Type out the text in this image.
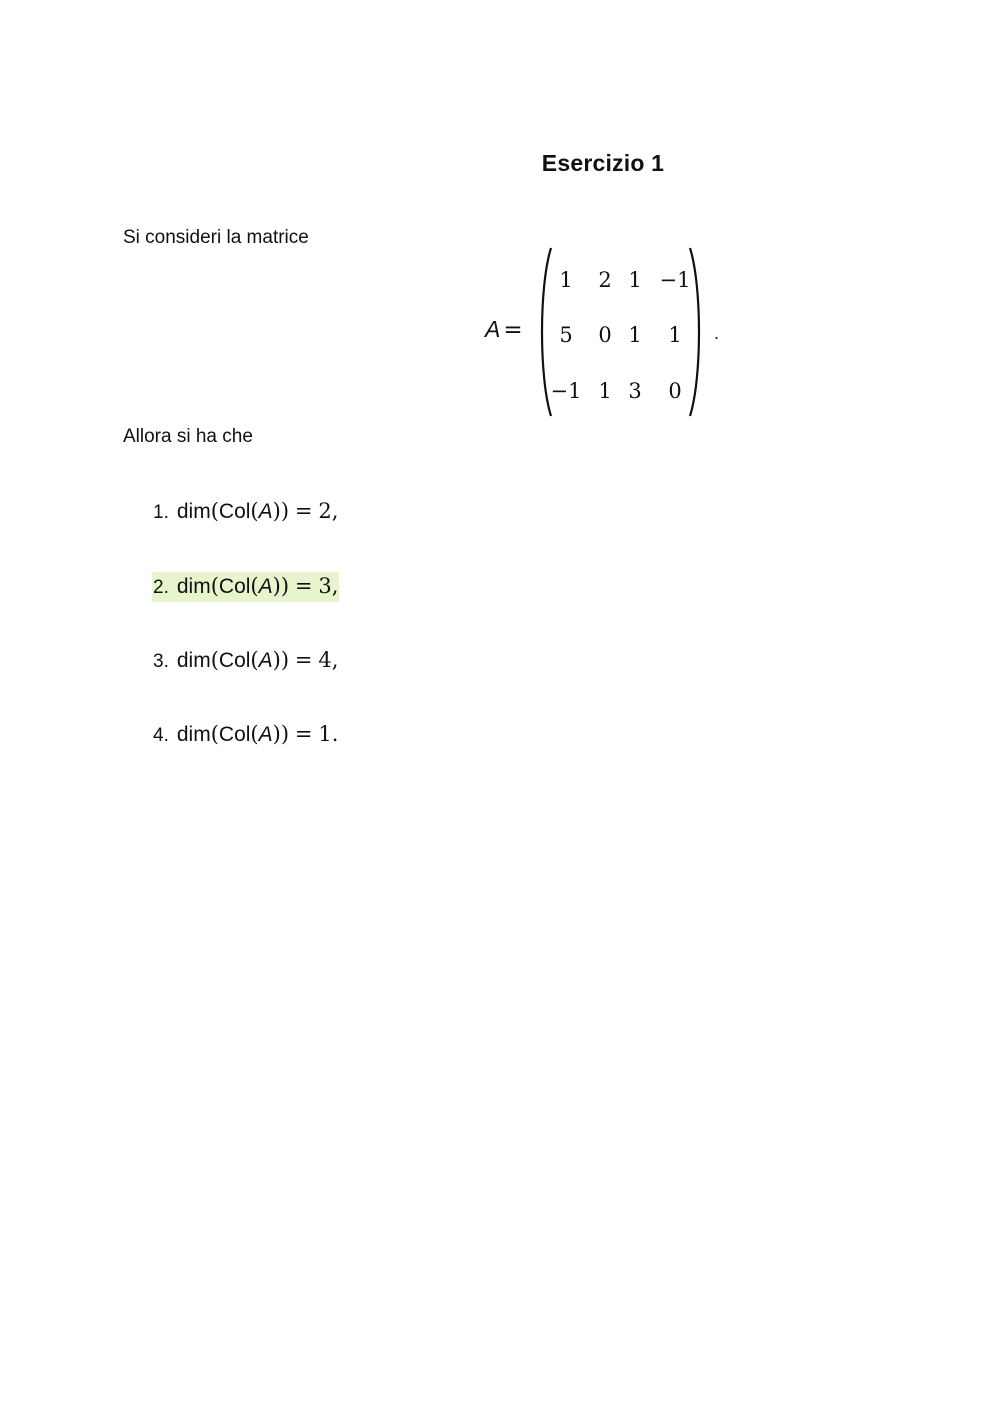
Esercizio 1
Si consideri la matrice
A =
1	2 1 −1
5	0 1	1
−1 1 3	0
.
Allora si ha che
1. dim(Col(A)) = 2,
2. dim(Col(A)) = 3,
3. dim(Col(A)) = 4,
4. dim(Col(A)) = 1.
